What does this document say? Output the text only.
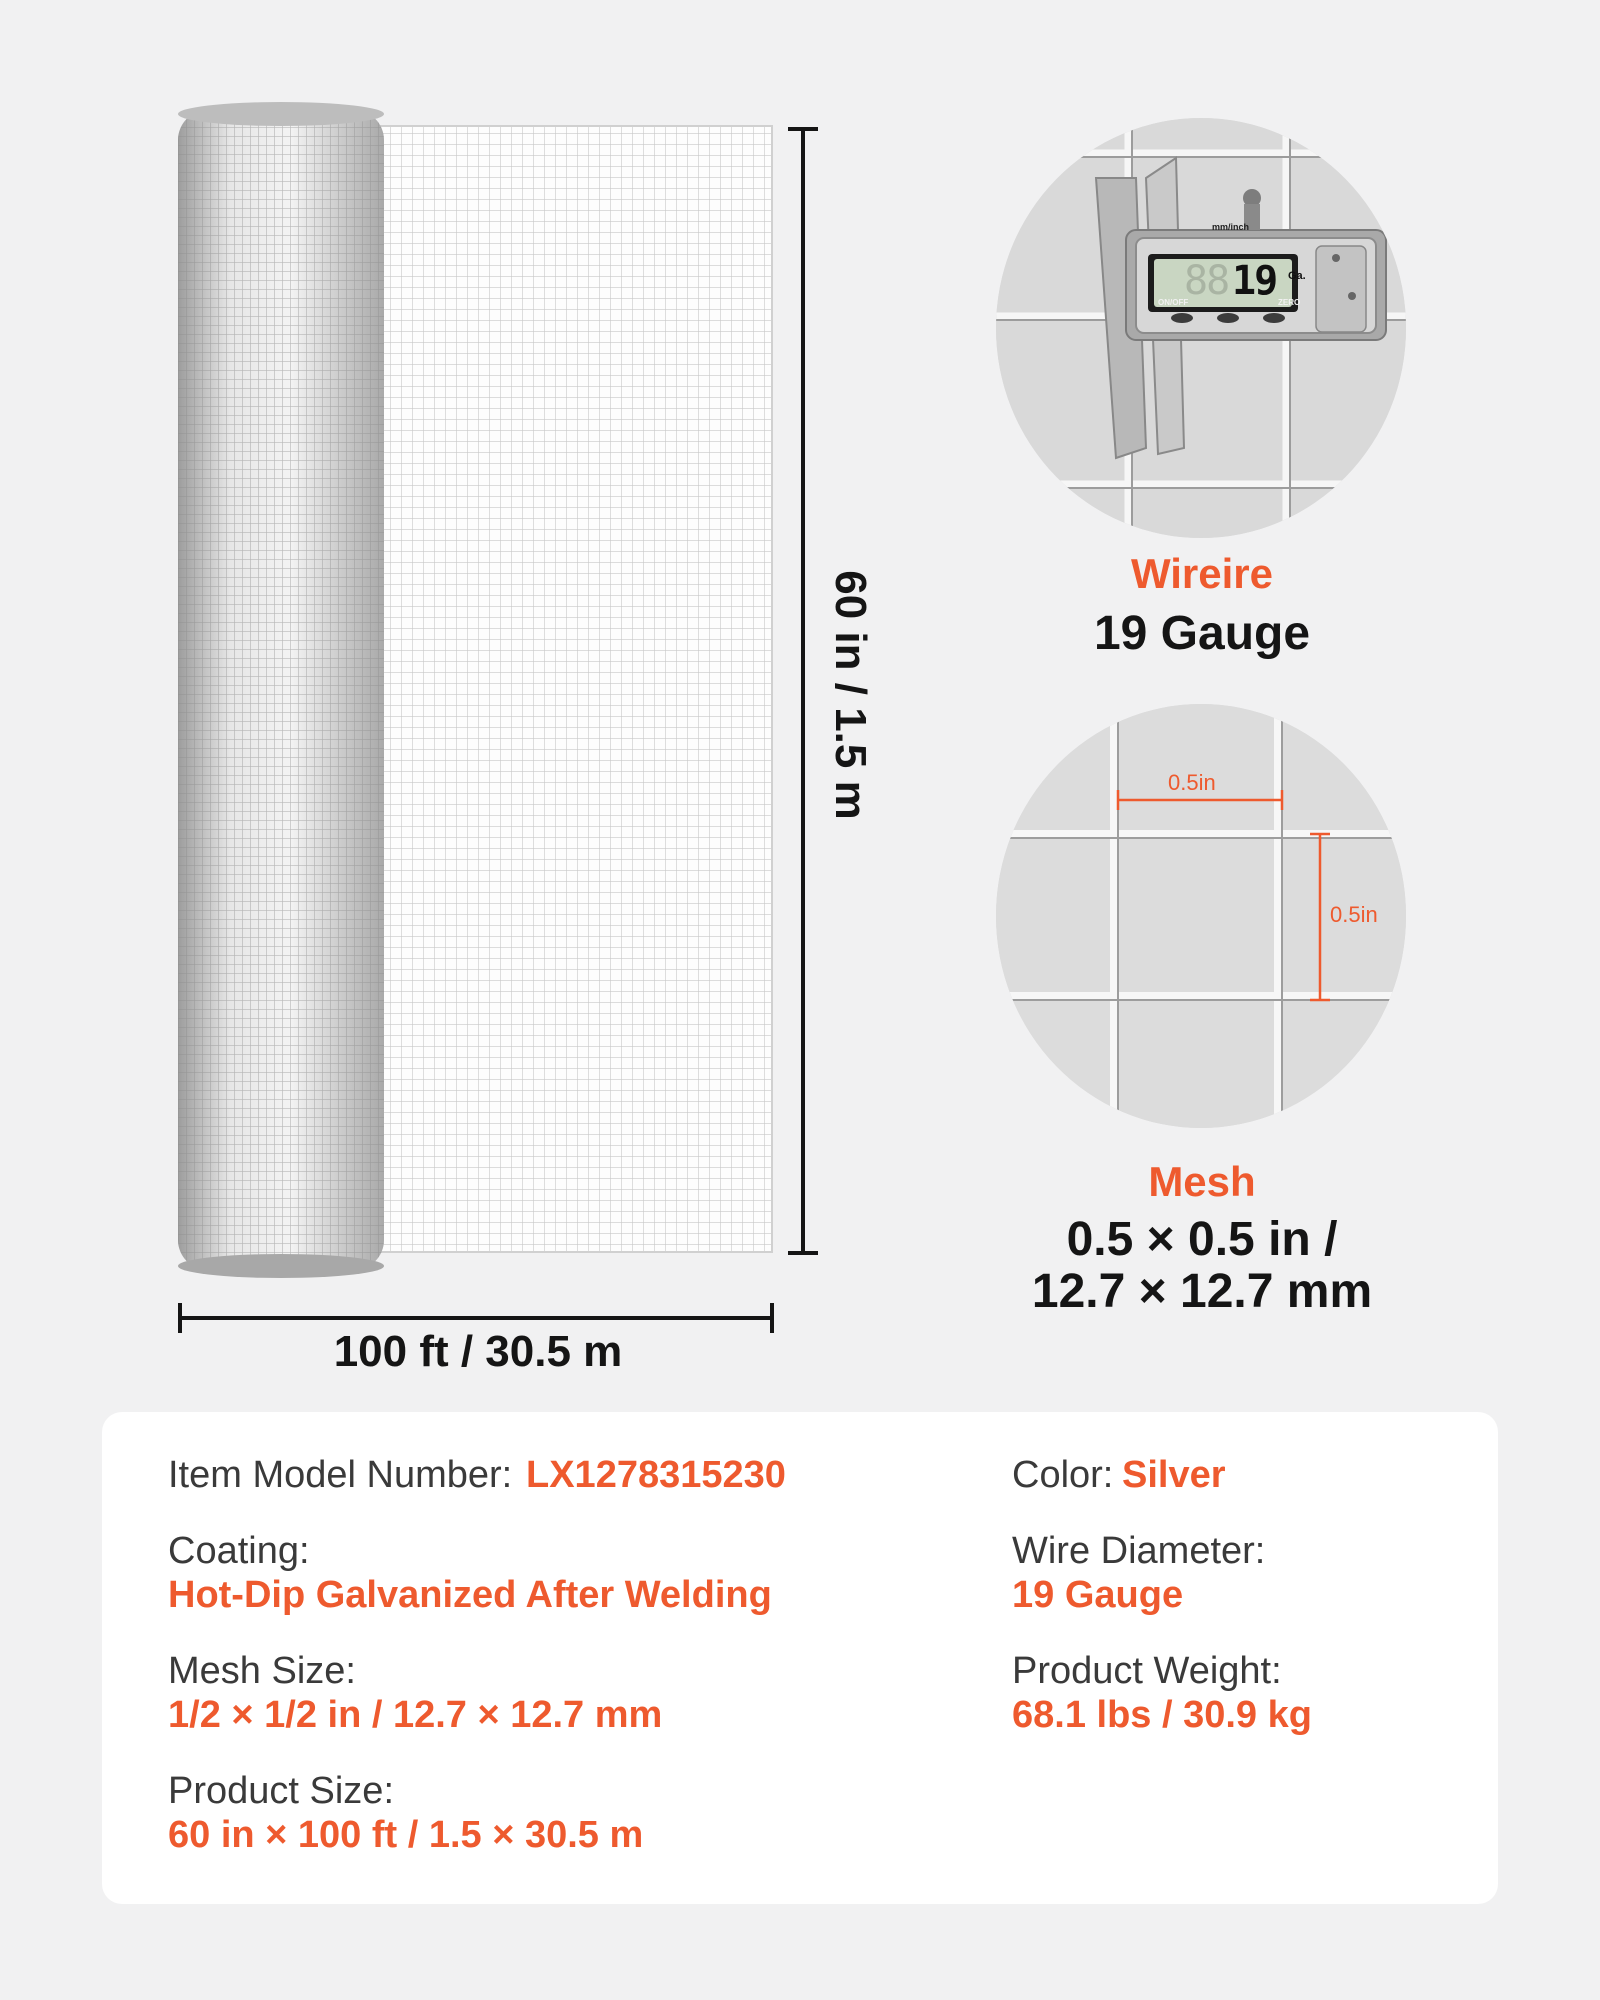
60 in / 1.5 m
100 ft / 30.5 m
mm/inch
88 19 Ga.
ON/OFF	ZERO
Wireire
19 Gauge
0.5in
0.5in
Mesh
0.5 × 0.5 in /
12.7 × 12.7 mm
Item Model Number: LX1278315230	Color: Silver
Coating:
Hot-Dip Galvanized After Welding
Wire Diameter:
19 Gauge
Mesh Size:
1/2 × 1/2 in / 12.7 × 12.7 mm
Product Weight:
68.1 lbs / 30.9 kg
Product Size:
60 in × 100 ft / 1.5 × 30.5 m
